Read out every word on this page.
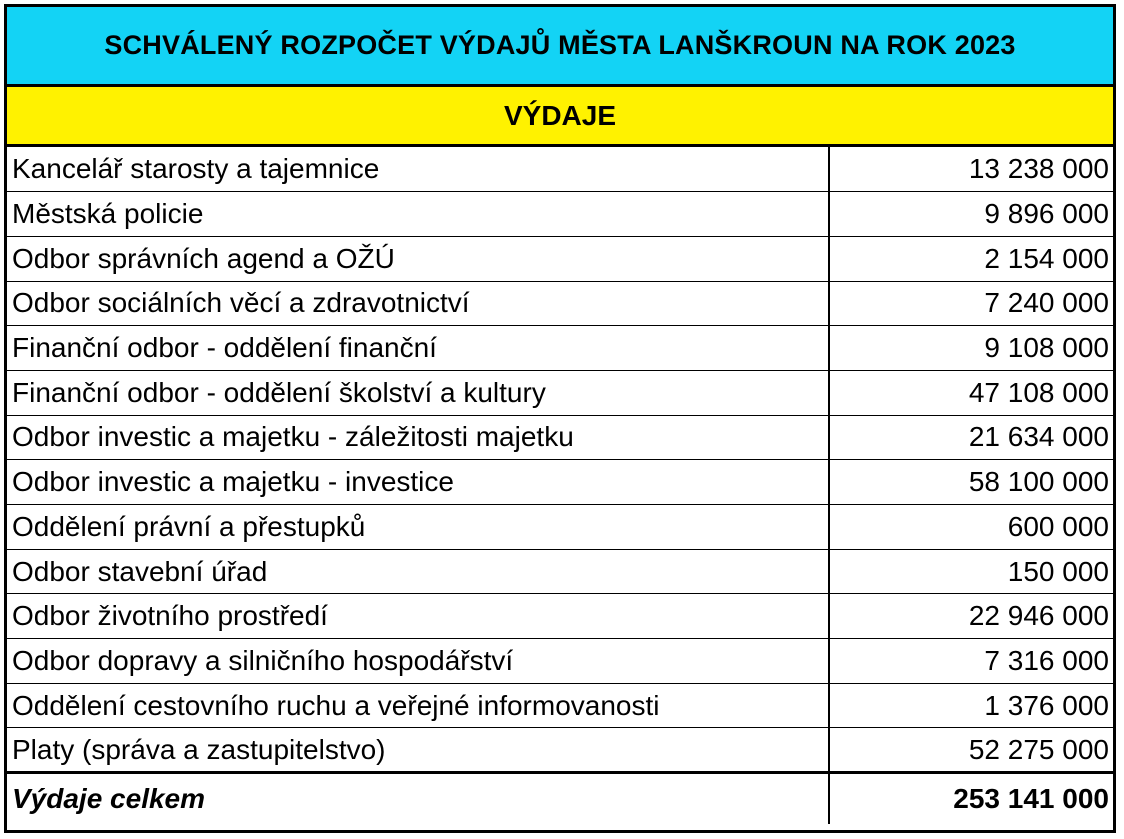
SCHVÁLENÝ ROZPOČET VÝDAJŮ MĚSTA LANŠKROUN NA ROK 2023
VÝDAJE
Kancelář starosty a tajemnice	13 238 000
Městská policie	9 896 000
Odbor správních agend a OŽÚ	2 154 000
Odbor sociálních věcí a zdravotnictví	7 240 000
Finanční odbor - oddělení finanční	9 108 000
Finanční odbor - oddělení školství a kultury	47 108 000
Odbor investic a majetku - záležitosti majetku	21 634 000
Odbor investic a majetku - investice	58 100 000
Oddělení právní a přestupků	600 000
Odbor stavební úřad	150 000
Odbor životního prostředí	22 946 000
Odbor dopravy a silničního hospodářství	7 316 000
Oddělení cestovního ruchu a veřejné informovanosti	1 376 000
Platy (správa a zastupitelstvo)	52 275 000
Výdaje celkem	253 141 000
